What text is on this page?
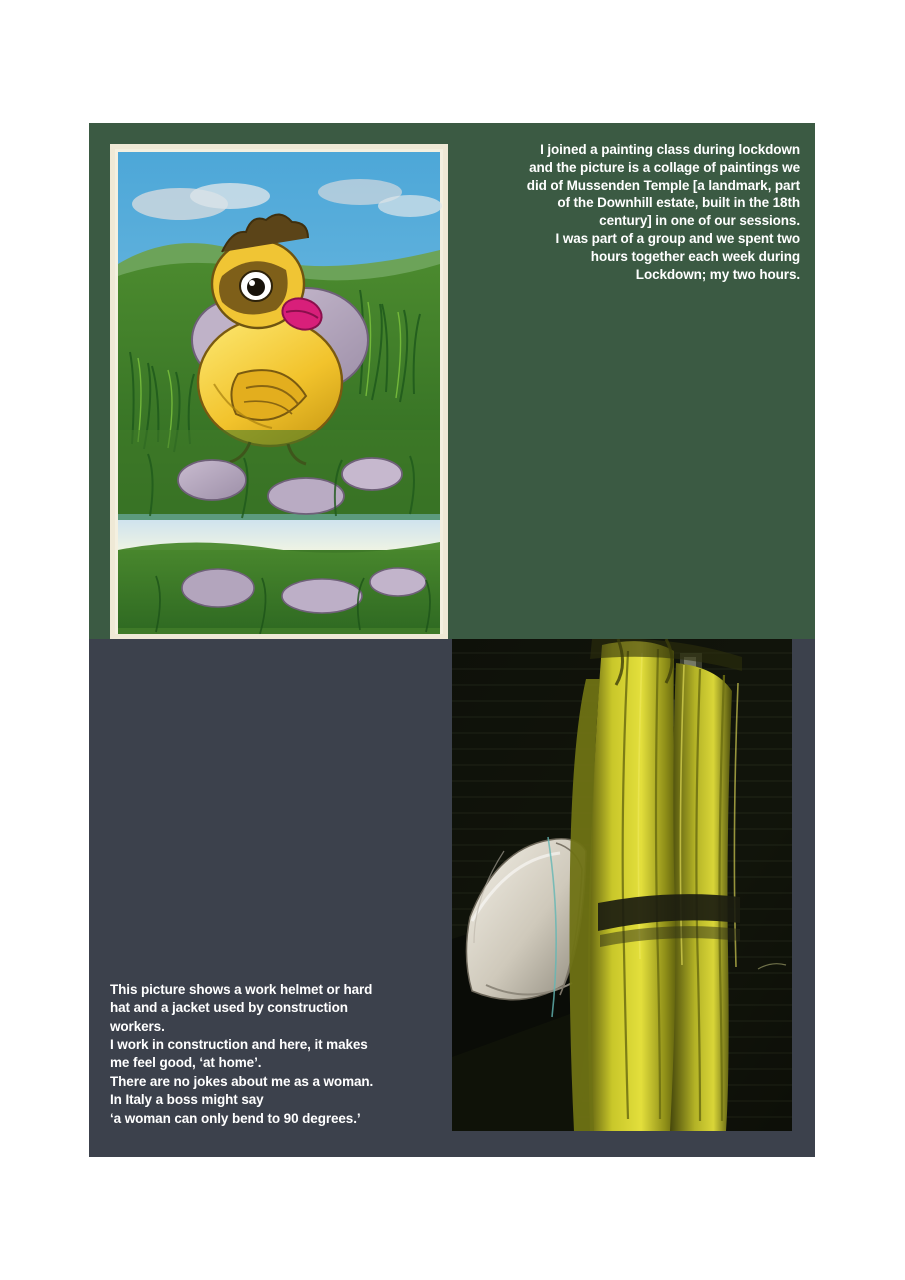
I joined a painting class during lockdown

and the picture is a collage of paintings we

did of Mussenden Temple [a landmark, part

of the Downhill estate, built in the 18th

century] in one of our sessions.

I was part of a group and we spent two

hours together each week during

Lockdown; my two hours.

This picture shows a work helmet or hard

hat and a jacket used by construction

workers.

I work in construction and here, it makes

me feel good, ‘at home’.

There are no jokes about me as a woman.

In Italy a boss might say

‘a woman can only bend to 90 degrees.’
